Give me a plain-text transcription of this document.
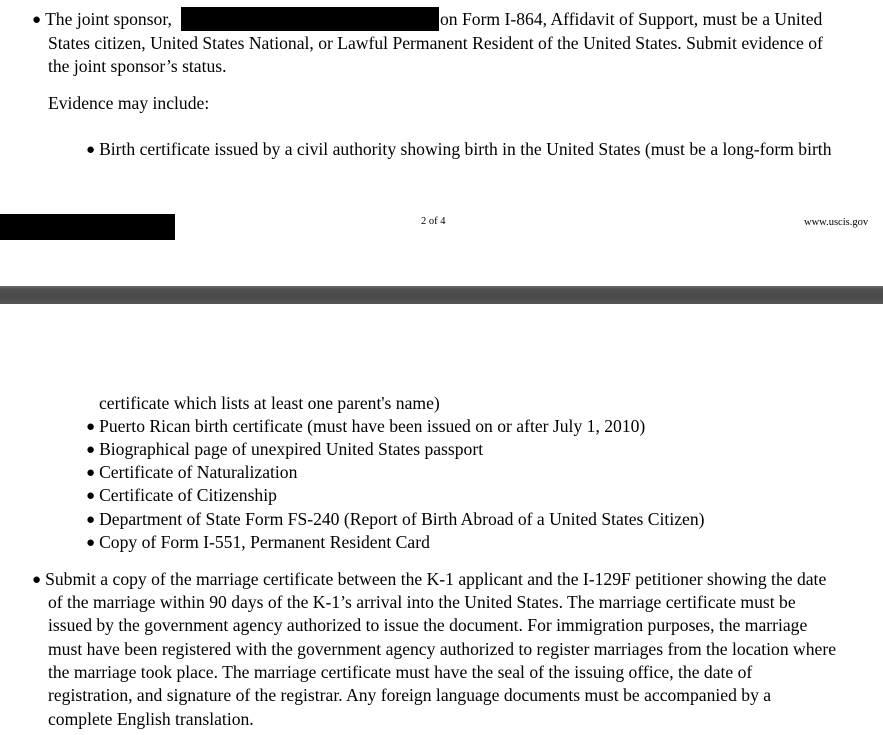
● The joint sponsor,	on Form I-864, Affidavit of Support, must be a United
States citizen, United States National, or Lawful Permanent Resident of the United States. Submit evidence of
the joint sponsor’s status.
Evidence may include:
● Birth certificate issued by a civil authority showing birth in the United States (must be a long-form birth
2 of 4	www.uscis.gov
certificate which lists at least one parent's name)
● Puerto Rican birth certificate (must have been issued on or after July 1, 2010)
● Biographical page of unexpired United States passport
● Certificate of Naturalization
● Certificate of Citizenship
● Department of State Form FS-240 (Report of Birth Abroad of a United States Citizen)
● Copy of Form I-551, Permanent Resident Card
● Submit a copy of the marriage certificate between the K-1 applicant and the I-129F petitioner showing the date
of the marriage within 90 days of the K-1’s arrival into the United States. The marriage certificate must be
issued by the government agency authorized to issue the document. For immigration purposes, the marriage
must have been registered with the government agency authorized to register marriages from the location where
the marriage took place. The marriage certificate must have the seal of the issuing office, the date of
registration, and signature of the registrar. Any foreign language documents must be accompanied by a
complete English translation.
